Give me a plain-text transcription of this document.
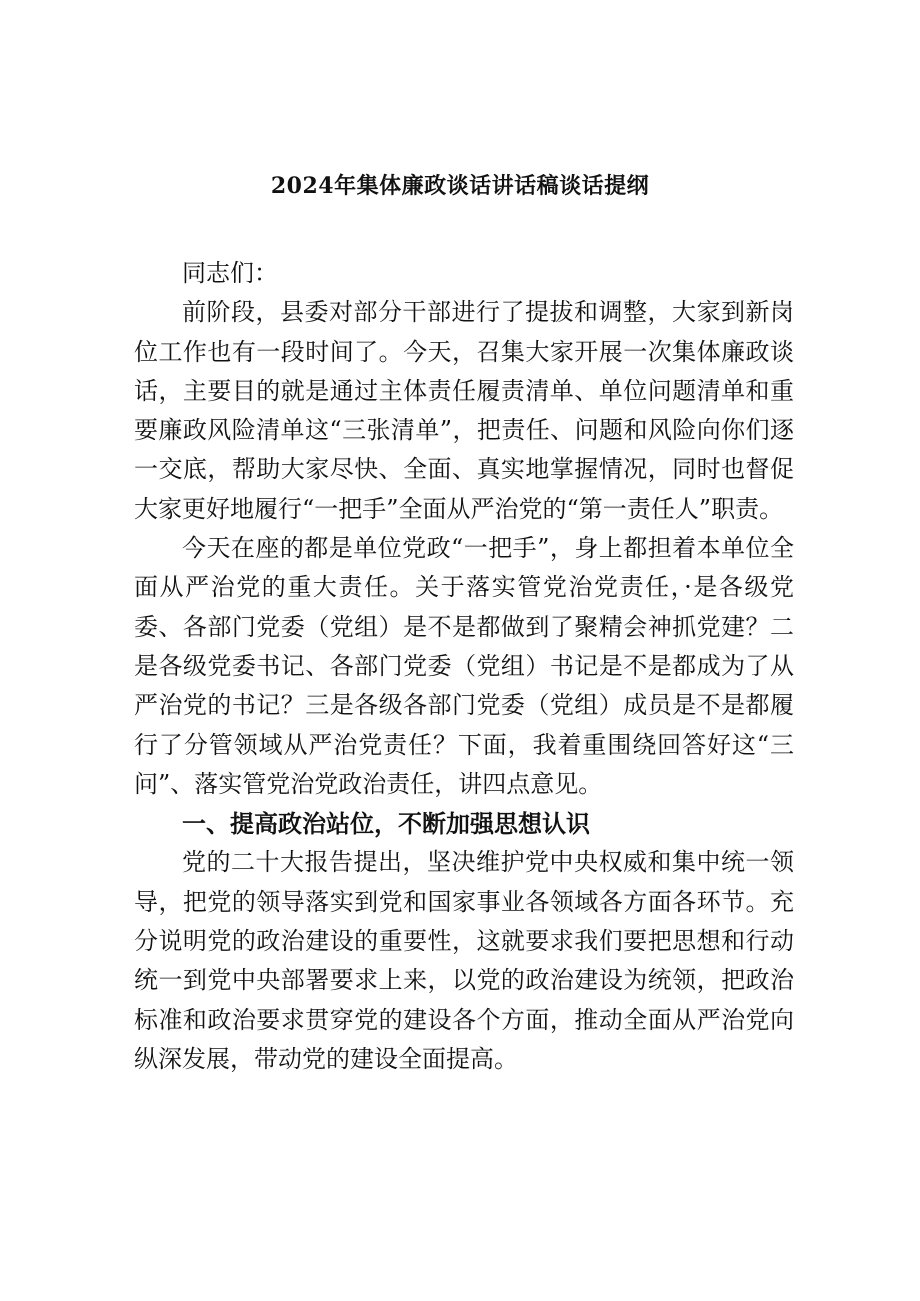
2024年集体廉政谈话讲话稿谈话提纲

同志们：

前阶段，县委对部分干部进行了提拔和调整，大家到新岗位工作也有一段时间了。今天，召集大家开展一次集体廉政谈话，主要目的就是通过主体责任履责清单、单位问题清单和重要廉政风险清单这“三张清单”，把责任、问题和风险向你们逐一交底，帮助大家尽快、全面、真实地掌握情况，同时也督促大家更好地履行“一把手”全面从严治党的“第一责任人”职责。

今天在座的都是单位党政“一把手”，身上都担着本单位全面从严治党的重大责任。关于落实管党治党责任，·是各级党委、各部门党委（党组）是不是都做到了聚精会神抓党建？二是各级党委书记、各部门党委（党组）书记是不是都成为了从严治党的书记？三是各级各部门党委（党组）成员是不是都履行了分管领域从严治党责任？下面，我着重围绕回答好这“三问”、落实管党治党政治责任，讲四点意见。

一、提高政治站位，不断加强思想认识

党的二十大报告提出，坚决维护党中央权威和集中统一领导，把党的领导落实到党和国家事业各领域各方面各环节。充分说明党的政治建设的重要性，这就要求我们要把思想和行动统一到党中央部署要求上来，以党的政治建设为统领，把政治标准和政治要求贯穿党的建设各个方面，推动全面从严治党向纵深发展，带动党的建设全面提高。
